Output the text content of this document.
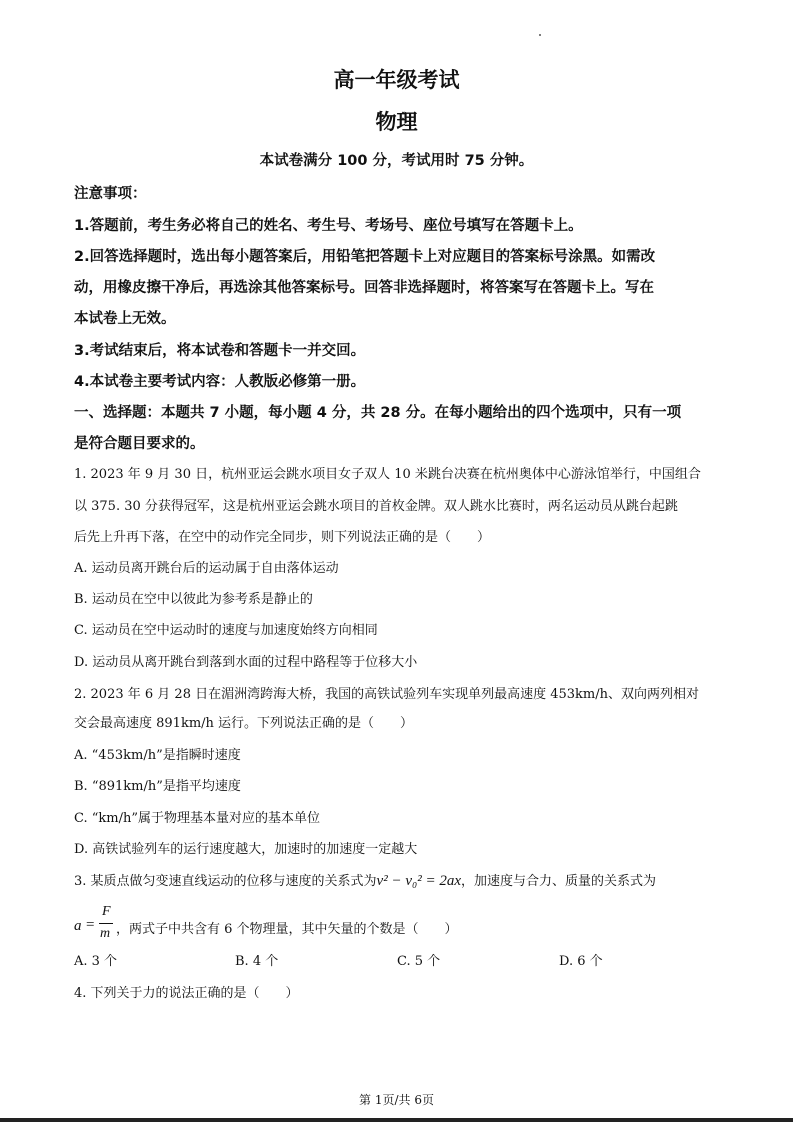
高一年级考试
物理
本试卷满分 100 分，考试用时 75 分钟。
注意事项：
1.答题前，考生务必将自己的姓名、考生号、考场号、座位号填写在答题卡上。
2.回答选择题时，选出每小题答案后，用铅笔把答题卡上对应题目的答案标号涂黑。如需改
动，用橡皮擦干净后，再选涂其他答案标号。回答非选择题时，将答案写在答题卡上。写在
本试卷上无效。
3.考试结束后，将本试卷和答题卡一并交回。
4.本试卷主要考试内容：人教版必修第一册。
一、选择题：本题共 7 小题，每小题 4 分，共 28 分。在每小题给出的四个选项中，只有一项
是符合题目要求的。
1. 2023 年 9 月 30 日，杭州亚运会跳水项目女子双人 10 米跳台决赛在杭州奥体中心游泳馆举行，中国组合
以 375. 30 分获得冠军，这是杭州亚运会跳水项目的首枚金牌。双人跳水比赛时，两名运动员从跳台起跳
后先上升再下落，在空中的动作完全同步，则下列说法正确的是（　　）
A. 运动员离开跳台后的运动属于自由落体运动
B. 运动员在空中以彼此为参考系是静止的
C. 运动员在空中运动时的速度与加速度始终方向相同
D. 运动员从离开跳台到落到水面的过程中路程等于位移大小
2. 2023 年 6 月 28 日在湄洲湾跨海大桥，我国的高铁试验列车实现单列最高速度 453km/h、双向两列相对
交会最高速度 891km/h 运行。下列说法正确的是（　　）
A. “453km/h”是指瞬时速度
B. “891km/h”是指平均速度
C. “km/h”属于物理基本量对应的基本单位
D. 高铁试验列车的运行速度越大，加速时的加速度一定越大
3. 某质点做匀变速直线运动的位移与速度的关系式为v² − v₀² = 2ax，加速度与合力、质量的关系式为
a =
F
m ，两式子中共含有 6 个物理量，其中矢量的个数是（　　）
A. 3 个	B. 4 个	C. 5 个	D. 6 个
4. 下列关于力的说法正确的是（　　）
第 1页/共 6页
